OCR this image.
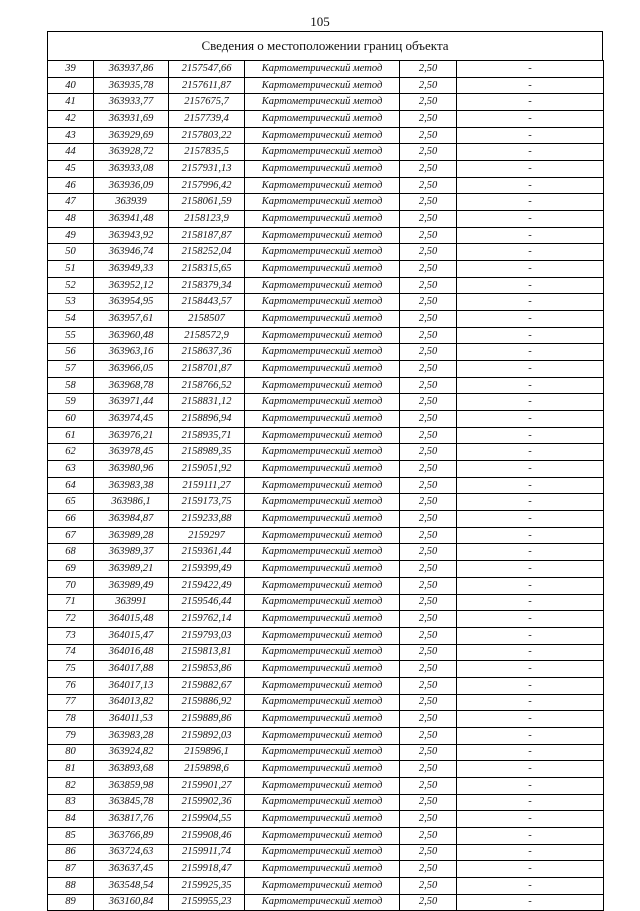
105
Сведения о местоположении границ объекта
39	363937,86	2157547,66	Картометрический метод	2,50	-
40	363935,78	2157611,87	Картометрический метод	2,50	-
41	363933,77	2157675,7	Картометрический метод	2,50	-
42	363931,69	2157739,4	Картометрический метод	2,50	-
43	363929,69	2157803,22	Картометрический метод	2,50	-
44	363928,72	2157835,5	Картометрический метод	2,50	-
45	363933,08	2157931,13	Картометрический метод	2,50	-
46	363936,09	2157996,42	Картометрический метод	2,50	-
47	363939	2158061,59	Картометрический метод	2,50	-
48	363941,48	2158123,9	Картометрический метод	2,50	-
49	363943,92	2158187,87	Картометрический метод	2,50	-
50	363946,74	2158252,04	Картометрический метод	2,50	-
51	363949,33	2158315,65	Картометрический метод	2,50	-
52	363952,12	2158379,34	Картометрический метод	2,50	-
53	363954,95	2158443,57	Картометрический метод	2,50	-
54	363957,61	2158507	Картометрический метод	2,50	-
55	363960,48	2158572,9	Картометрический метод	2,50	-
56	363963,16	2158637,36	Картометрический метод	2,50	-
57	363966,05	2158701,87	Картометрический метод	2,50	-
58	363968,78	2158766,52	Картометрический метод	2,50	-
59	363971,44	2158831,12	Картометрический метод	2,50	-
60	363974,45	2158896,94	Картометрический метод	2,50	-
61	363976,21	2158935,71	Картометрический метод	2,50	-
62	363978,45	2158989,35	Картометрический метод	2,50	-
63	363980,96	2159051,92	Картометрический метод	2,50	-
64	363983,38	2159111,27	Картометрический метод	2,50	-
65	363986,1	2159173,75	Картометрический метод	2,50	-
66	363984,87	2159233,88	Картометрический метод	2,50	-
67	363989,28	2159297	Картометрический метод	2,50	-
68	363989,37	2159361,44	Картометрический метод	2,50	-
69	363989,21	2159399,49	Картометрический метод	2,50	-
70	363989,49	2159422,49	Картометрический метод	2,50	-
71	363991	2159546,44	Картометрический метод	2,50	-
72	364015,48	2159762,14	Картометрический метод	2,50	-
73	364015,47	2159793,03	Картометрический метод	2,50	-
74	364016,48	2159813,81	Картометрический метод	2,50	-
75	364017,88	2159853,86	Картометрический метод	2,50	-
76	364017,13	2159882,67	Картометрический метод	2,50	-
77	364013,82	2159886,92	Картометрический метод	2,50	-
78	364011,53	2159889,86	Картометрический метод	2,50	-
79	363983,28	2159892,03	Картометрический метод	2,50	-
80	363924,82	2159896,1	Картометрический метод	2,50	-
81	363893,68	2159898,6	Картометрический метод	2,50	-
82	363859,98	2159901,27	Картометрический метод	2,50	-
83	363845,78	2159902,36	Картометрический метод	2,50	-
84	363817,76	2159904,55	Картометрический метод	2,50	-
85	363766,89	2159908,46	Картометрический метод	2,50	-
86	363724,63	2159911,74	Картометрический метод	2,50	-
87	363637,45	2159918,47	Картометрический метод	2,50	-
88	363548,54	2159925,35	Картометрический метод	2,50	-
89	363160,84	2159955,23	Картометрический метод	2,50	-
